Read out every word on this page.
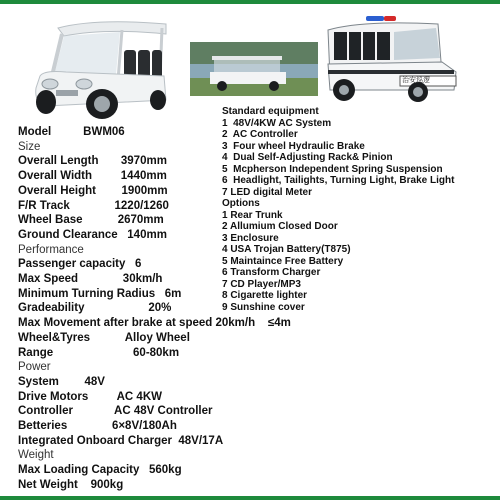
治安巡逻
Model          BWM06
Size
Overall Length       3970mm
Overall Width         1440mm
Overall Height        1900mm
F/R Track              1220/1260
Wheel Base           2670mm
Ground Clearance   140mm
Performance
Passenger capacity   6
Max Speed              30km/h
Minimum Turning Radius   6m
Gradeability                    20%
Max Movement after brake at speed 20km/h    ≤4m
Wheel&Tyres           Alloy Wheel
Range                         60-80km
Power
System        48V
Drive Motors         AC 4KW
Controller             AC 48V Controller
Betteries              6×8V/180Ah
Integrated Onboard Charger  48V/17A
Weight
Max Loading Capacity   560kg
Net Weight    900kg
Standard equipment
1  48V/4KW AC System
2  AC Controller
3  Four wheel Hydraulic Brake
4  Dual Self-Adjusting Rack& Pinion
5  Mcpherson Independent Spring Suspension
6  Headlight, Tailights, Turning Light, Brake Light
7 LED digital Meter
Options
1 Rear Trunk
2 Allumium Closed Door
3 Enclosure
4 USA Trojan Battery(T875)
5 Maintaince Free Battery
6 Transform Charger
7 CD Player/MP3
8 Cigarette lighter
9 Sunshine cover
